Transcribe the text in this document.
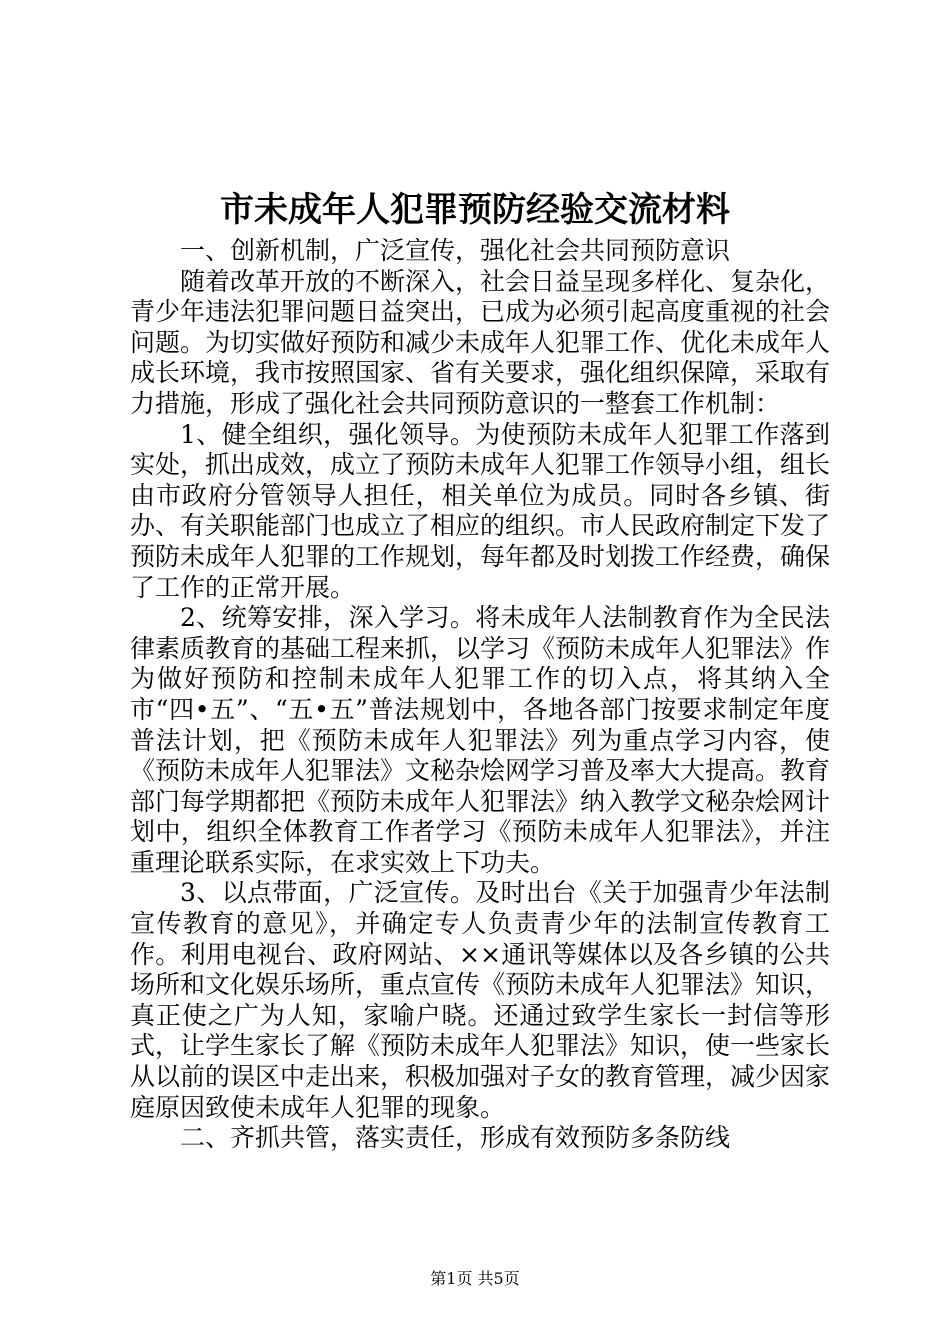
市未成年人犯罪预防经验交流材料

一、创新机制，广泛宣传，强化社会共同预防意识

随着改革开放的不断深入，社会日益呈现多样化、复杂化，青少年违法犯罪问题日益突出，已成为必须引起高度重视的社会问题。为切实做好预防和减少未成年人犯罪工作、优化未成年人成长环境，我市按照国家、省有关要求，强化组织保障，采取有力措施，形成了强化社会共同预防意识的一整套工作机制：

1、健全组织，强化领导。为使预防未成年人犯罪工作落到实处，抓出成效，成立了预防未成年人犯罪工作领导小组，组长由市政府分管领导人担任，相关单位为成员。同时各乡镇、街办、有关职能部门也成立了相应的组织。市人民政府制定下发了预防未成年人犯罪的工作规划，每年都及时划拨工作经费，确保了工作的正常开展。

2、统筹安排，深入学习。将未成年人法制教育作为全民法律素质教育的基础工程来抓，以学习《预防未成年人犯罪法》作为做好预防和控制未成年人犯罪工作的切入点，将其纳入全市“四•五”、“五•五”普法规划中，各地各部门按要求制定年度普法计划，把《预防未成年人犯罪法》列为重点学习内容，使《预防未成年人犯罪法》文秘杂烩网学习普及率大大提高。教育部门每学期都把《预防未成年人犯罪法》纳入教学文秘杂烩网计划中，组织全体教育工作者学习《预防未成年人犯罪法》，并注重理论联系实际，在求实效上下功夫。

3、以点带面，广泛宣传。及时出台《关于加强青少年法制宣传教育的意见》，并确定专人负责青少年的法制宣传教育工作。利用电视台、政府网站、××通讯等媒体以及各乡镇的公共场所和文化娱乐场所，重点宣传《预防未成年人犯罪法》知识，真正使之广为人知，家喻户晓。还通过致学生家长一封信等形式，让学生家长了解《预防未成年人犯罪法》知识，使一些家长从以前的误区中走出来，积极加强对子女的教育管理，减少因家庭原因致使未成年人犯罪的现象。

二、齐抓共管，落实责任，形成有效预防多条防线

第1页 共5页
